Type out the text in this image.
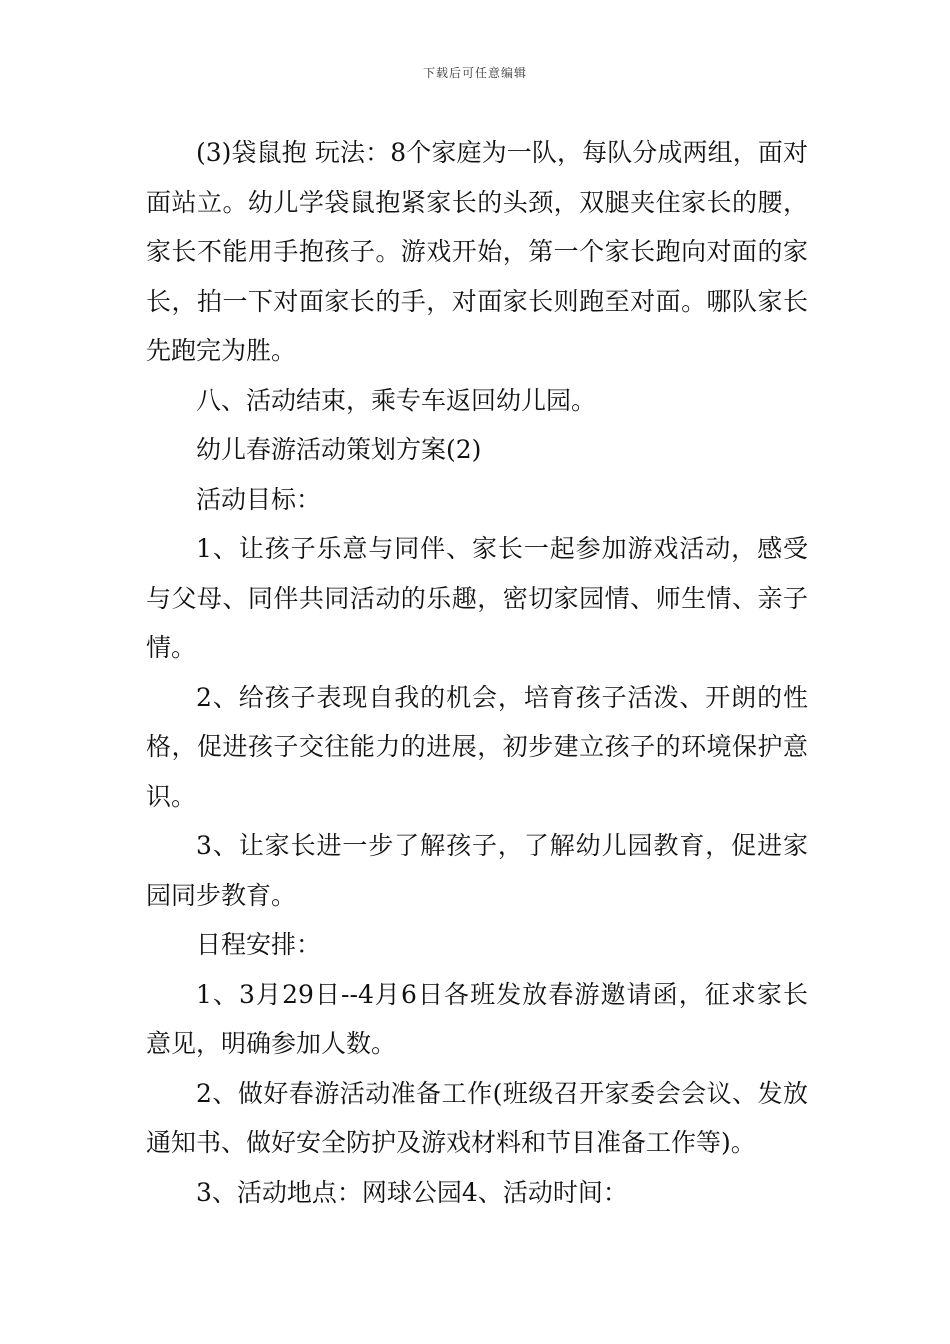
下载后可任意编辑

(3)袋鼠抱 玩法：8个家庭为一队，每队分成两组，面对面站立。幼儿学袋鼠抱紧家长的头颈，双腿夹住家长的腰，家长不能用手抱孩子。游戏开始，第一个家长跑向对面的家长，拍一下对面家长的手，对面家长则跑至对面。哪队家长先跑完为胜。

八、活动结束，乘专车返回幼儿园。

幼儿春游活动策划方案(2)

活动目标：

1、让孩子乐意与同伴、家长一起参加游戏活动，感受与父母、同伴共同活动的乐趣，密切家园情、师生情、亲子情。

2、给孩子表现自我的机会，培育孩子活泼、开朗的性格，促进孩子交往能力的进展，初步建立孩子的环境保护意识。

3、让家长进一步了解孩子，了解幼儿园教育，促进家园同步教育。

日程安排：

1、3月29日--4月6日各班发放春游邀请函，征求家长意见，明确参加人数。

2、做好春游活动准备工作(班级召开家委会会议、发放通知书、做好安全防护及游戏材料和节目准备工作等)。

3、活动地点：网球公园4、活动时间：
